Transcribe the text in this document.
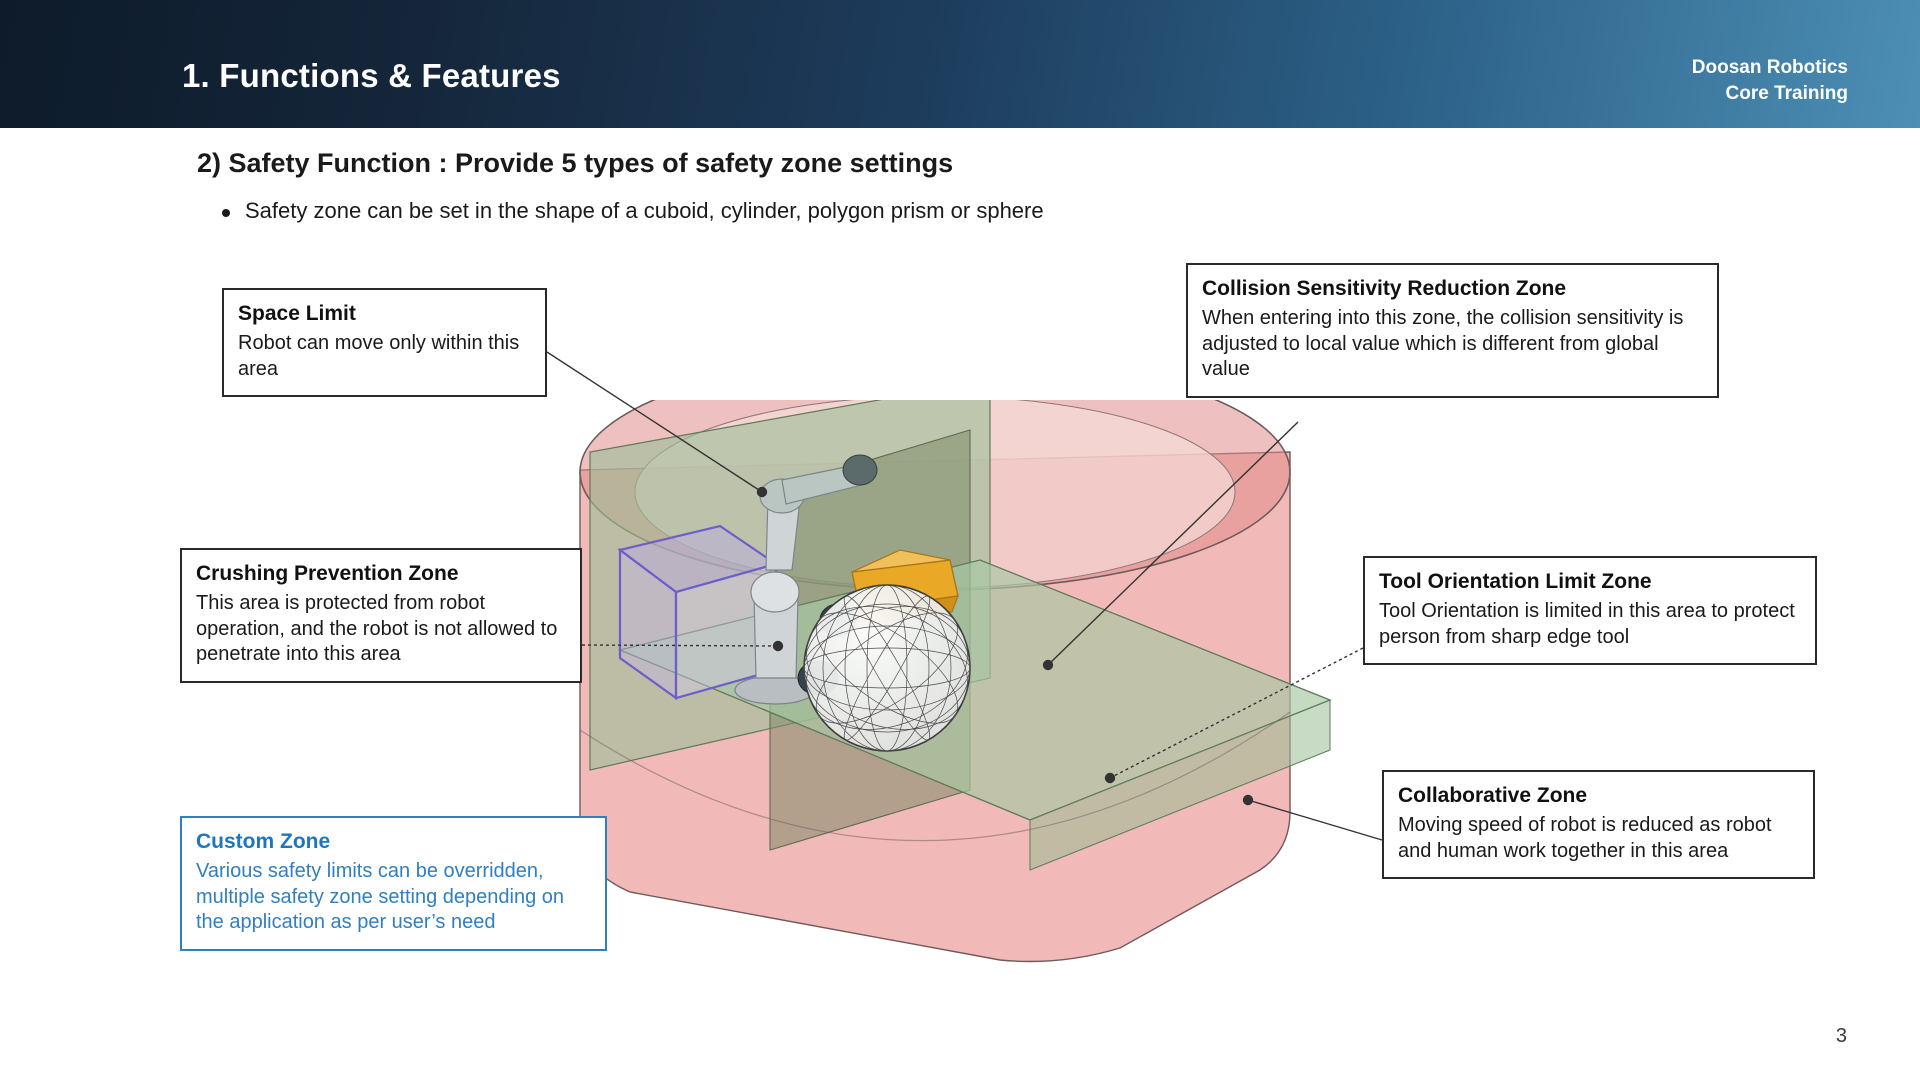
1. Functions & Features	Doosan Robotics
Core Training
2) Safety Function : Provide 5 types of safety zone settings
Safety zone can be set in the shape of a cuboid, cylinder, polygon prism or sphere
Space Limit
Robot can move only within this area
Crushing Prevention Zone
This area is protected from robot operation, and the robot is not allowed to penetrate into this area
Custom Zone
Various safety limits can be overridden, multiple safety zone setting depending on the application as per user’s need
Collision Sensitivity Reduction Zone
When entering into this zone, the collision sensitivity is adjusted to local value which is different from global value
Tool Orientation Limit Zone
Tool Orientation is limited in this area to protect person from sharp edge tool
Collaborative Zone
Moving speed of robot is reduced as robot and human work together in this area
3
